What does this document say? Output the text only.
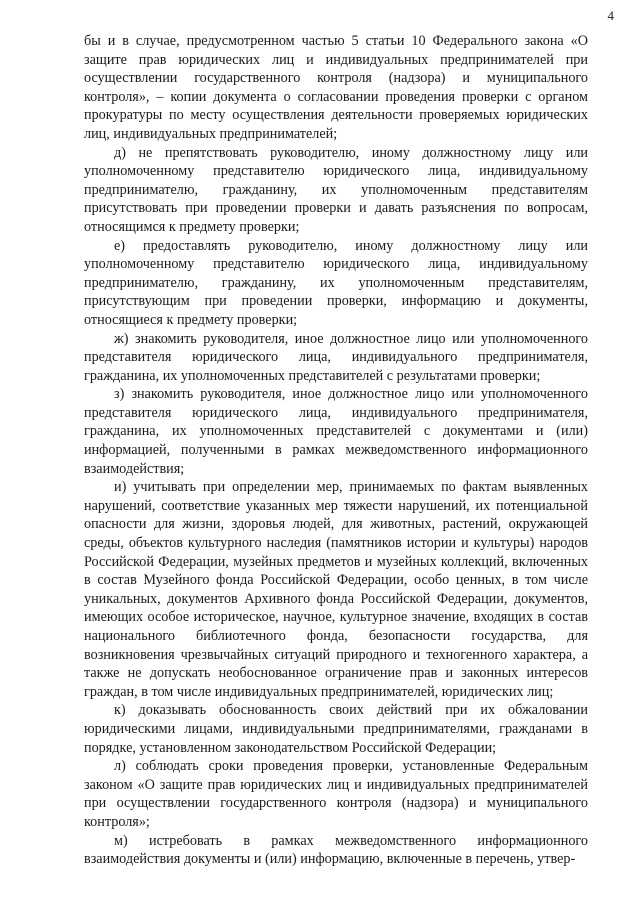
4

бы и в случае, предусмотренном частью 5 статьи 10 Федерального закона «О защите прав юридических лиц и индивидуальных предпринимателей при осуществлении государственного контроля (надзора) и муниципального контроля», – копии документа о согласовании проведения проверки с органом прокуратуры по месту осуществления деятельности проверяемых юридических лиц, индивидуальных предпринимателей;

д) не препятствовать руководителю, иному должностному лицу или уполномоченному представителю юридического лица, индивидуальному предпринимателю, гражданину, их уполномоченным представителям присутствовать при проведении проверки и давать разъяснения по вопросам, относящимся к предмету проверки;

е) предоставлять руководителю, иному должностному лицу или уполномоченному представителю юридического лица, индивидуальному предпринимателю, гражданину, их уполномоченным представителям, присутствующим при проведении проверки, информацию и документы, относящиеся к предмету проверки;

ж) знакомить руководителя, иное должностное лицо или уполномоченного представителя юридического лица, индивидуального предпринимателя, гражданина, их уполномоченных представителей с результатами проверки;

з) знакомить руководителя, иное должностное лицо или уполномоченного представителя юридического лица, индивидуального предпринимателя, гражданина, их уполномоченных представителей с документами и (или) информацией, полученными в рамках межведомственного информационного взаимодействия;

и) учитывать при определении мер, принимаемых по фактам выявленных нарушений, соответствие указанных мер тяжести нарушений, их потенциальной опасности для жизни, здоровья людей, для животных, растений, окружающей среды, объектов культурного наследия (памятников истории и культуры) народов Российской Федерации, музейных предметов и музейных коллекций, включенных в состав Музейного фонда Российской Федерации, особо ценных, в том числе уникальных, документов Архивного фонда Российской Федерации, документов, имеющих особое историческое, научное, культурное значение, входящих в состав национального библиотечного фонда, безопасности государства, для возникновения чрезвычайных ситуаций природного и техногенного характера, а также не допускать необоснованное ограничение прав и законных интересов граждан, в том числе индивидуальных предпринимателей, юридических лиц;

к) доказывать обоснованность своих действий при их обжаловании юридическими лицами, индивидуальными предпринимателями, гражданами в порядке, установленном законодательством Российской Федерации;

л) соблюдать сроки проведения проверки, установленные Федеральным законом «О защите прав юридических лиц и индивидуальных предпринимателей при осуществлении государственного контроля (надзора) и муниципального контроля»;

м) истребовать в рамках межведомственного информационного взаимодействия документы и (или) информацию, включенные в перечень, утвер-
